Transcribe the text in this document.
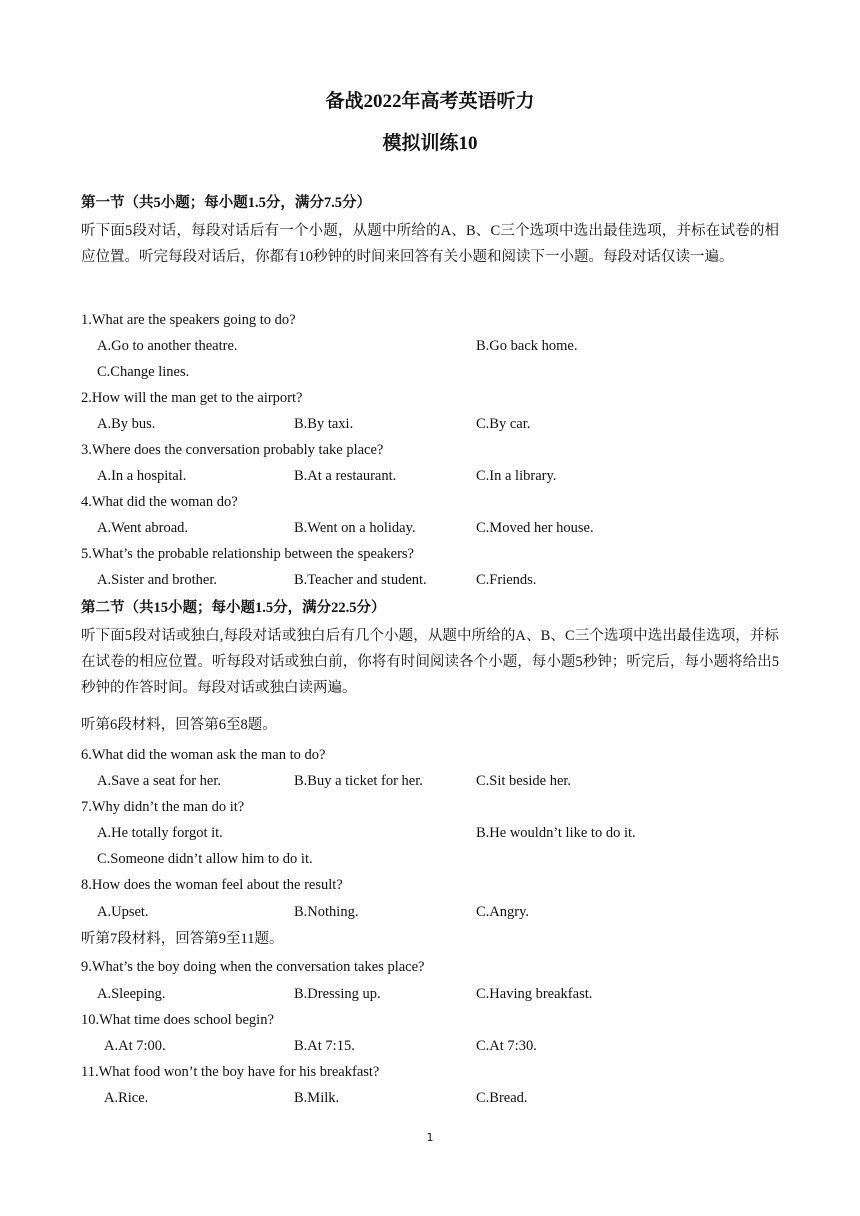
备战2022年高考英语听力
模拟训练10
第一节（共5小题；每小题1.5分，满分7.5分）
听下面5段对话，每段对话后有一个小题，从题中所给的A、B、C三个选项中选出最佳选项，并标在试卷的相应位置。听完每段对话后，你都有10秒钟的时间来回答有关小题和阅读下一小题。每段对话仅读一遍。
1.What are the speakers going to do?
A.Go to another theatre.	B.Go back home.
C.Change lines.
2.How will the man get to the airport?
A.By bus.	B.By taxi.	C.By car.
3.Where does the conversation probably take place?
A.In a hospital.	B.At a restaurant.	C.In a library.
4.What did the woman do?
A.Went abroad.	B.Went on a holiday.	C.Moved her house.
5.What’s the probable relationship between the speakers?
A.Sister and brother.	B.Teacher and student.	C.Friends.
第二节（共15小题；每小题1.5分，满分22.5分）
听下面5段对话或独白,每段对话或独白后有几个小题，从题中所给的A、B、C三个选项中选出最佳选项，并标在试卷的相应位置。听每段对话或独白前，你将有时间阅读各个小题，每小题5秒钟；听完后，每小题将给出5秒钟的作答时间。每段对话或独白读两遍。
听第6段材料，回答第6至8题。
6.What did the woman ask the man to do?
A.Save a seat for her.	B.Buy a ticket for her.	C.Sit beside her.
7.Why didn’t the man do it?
A.He totally forgot it.	B.He wouldn’t like to do it.
C.Someone didn’t allow him to do it.
8.How does the woman feel about the result?
A.Upset.	B.Nothing.	C.Angry.
听第7段材料，回答第9至11题。
9.What’s the boy doing when the conversation takes place?
A.Sleeping.	B.Dressing up.	C.Having breakfast.
10.What time does school begin?
A.At 7:00.	B.At 7:15.	C.At 7:30.
11.What food won’t the boy have for his breakfast?
A.Rice.	B.Milk.	C.Bread.
1
